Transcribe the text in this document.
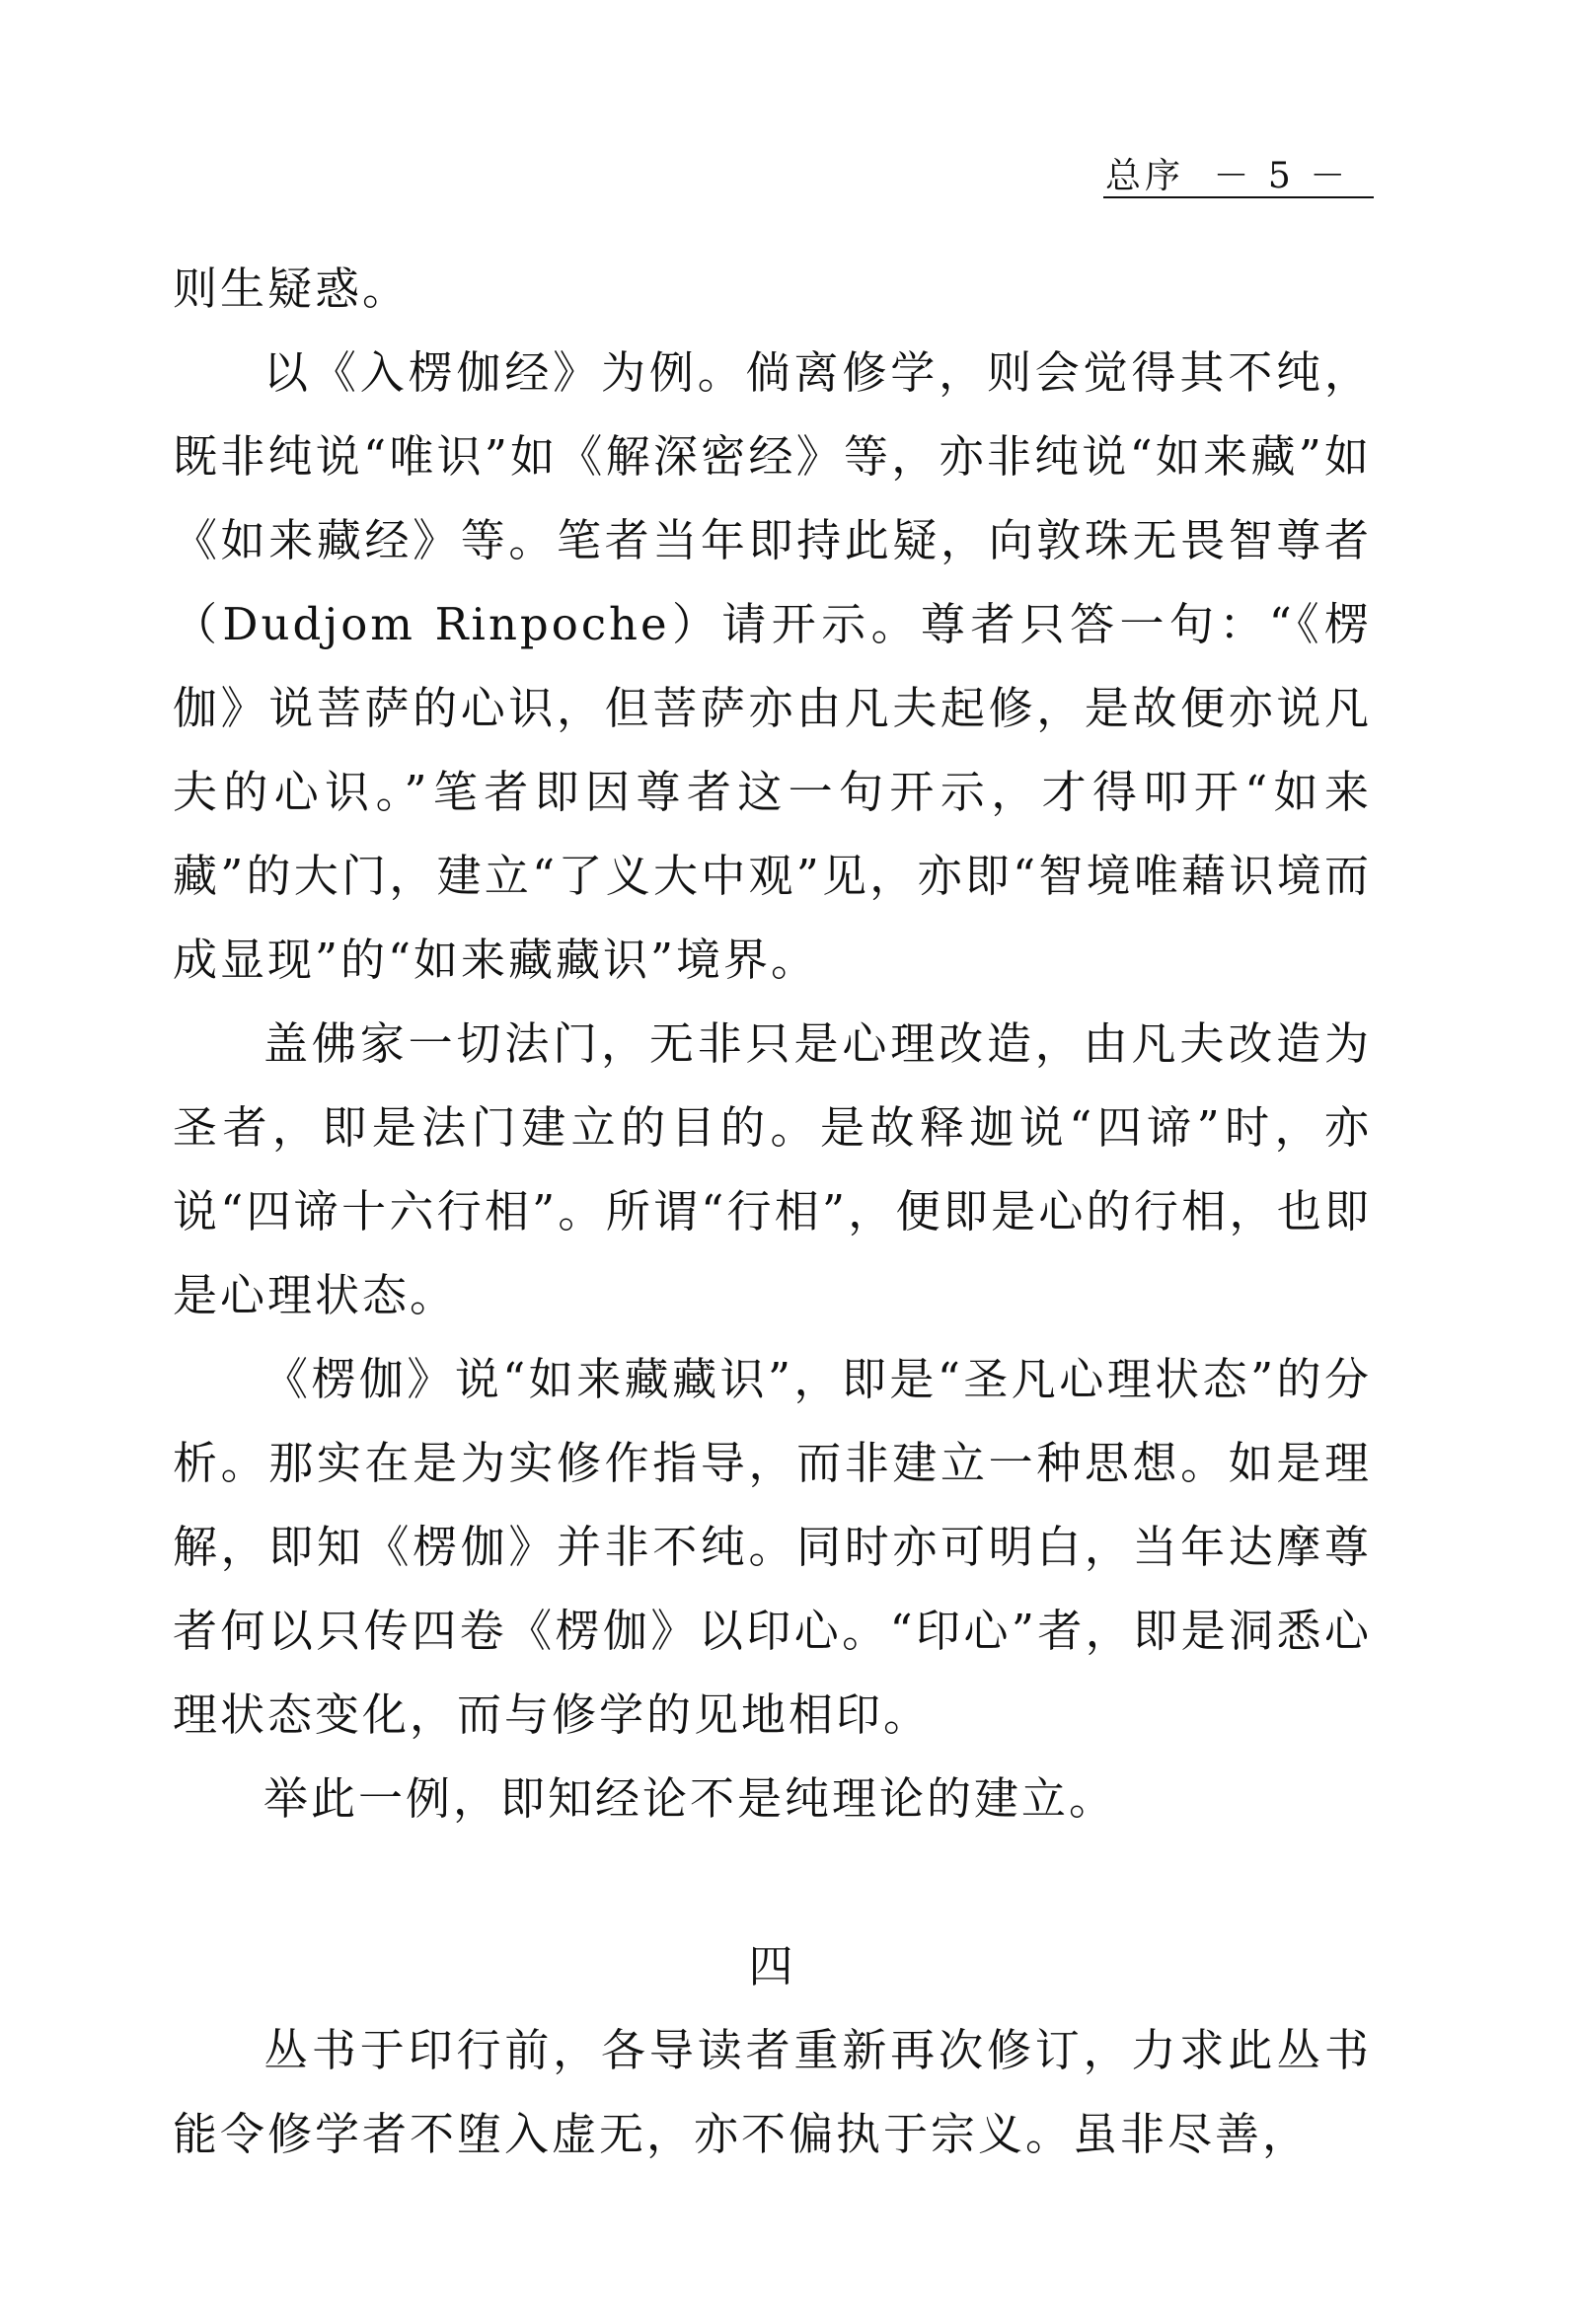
总序 － 5 －

则生疑惑。

以《入楞伽经》为例。倘离修学，则会觉得其不纯，既非纯说“唯识”如《解深密经》等，亦非纯说“如来藏”如《如来藏经》等。笔者当年即持此疑，向敦珠无畏智尊者（Dudjom Rinpoche）请开示。尊者只答一句：“《楞伽》说菩萨的心识，但菩萨亦由凡夫起修，是故便亦说凡夫的心识。”笔者即因尊者这一句开示，才得叩开“如来藏”的大门，建立“了义大中观”见，亦即“智境唯藉识境而成显现”的“如来藏藏识”境界。

盖佛家一切法门，无非只是心理改造，由凡夫改造为圣者，即是法门建立的目的。是故释迦说“四谛”时，亦说“四谛十六行相”。所谓“行相”，便即是心的行相，也即是心理状态。

《楞伽》说“如来藏藏识”，即是“圣凡心理状态”的分析。那实在是为实修作指导，而非建立一种思想。如是理解，即知《楞伽》并非不纯。同时亦可明白，当年达摩尊者何以只传四卷《楞伽》以印心。“印心”者，即是洞悉心理状态变化，而与修学的见地相印。

举此一例，即知经论不是纯理论的建立。

四

丛书于印行前，各导读者重新再次修订，力求此丛书能令修学者不堕入虚无，亦不偏执于宗义。虽非尽善，
